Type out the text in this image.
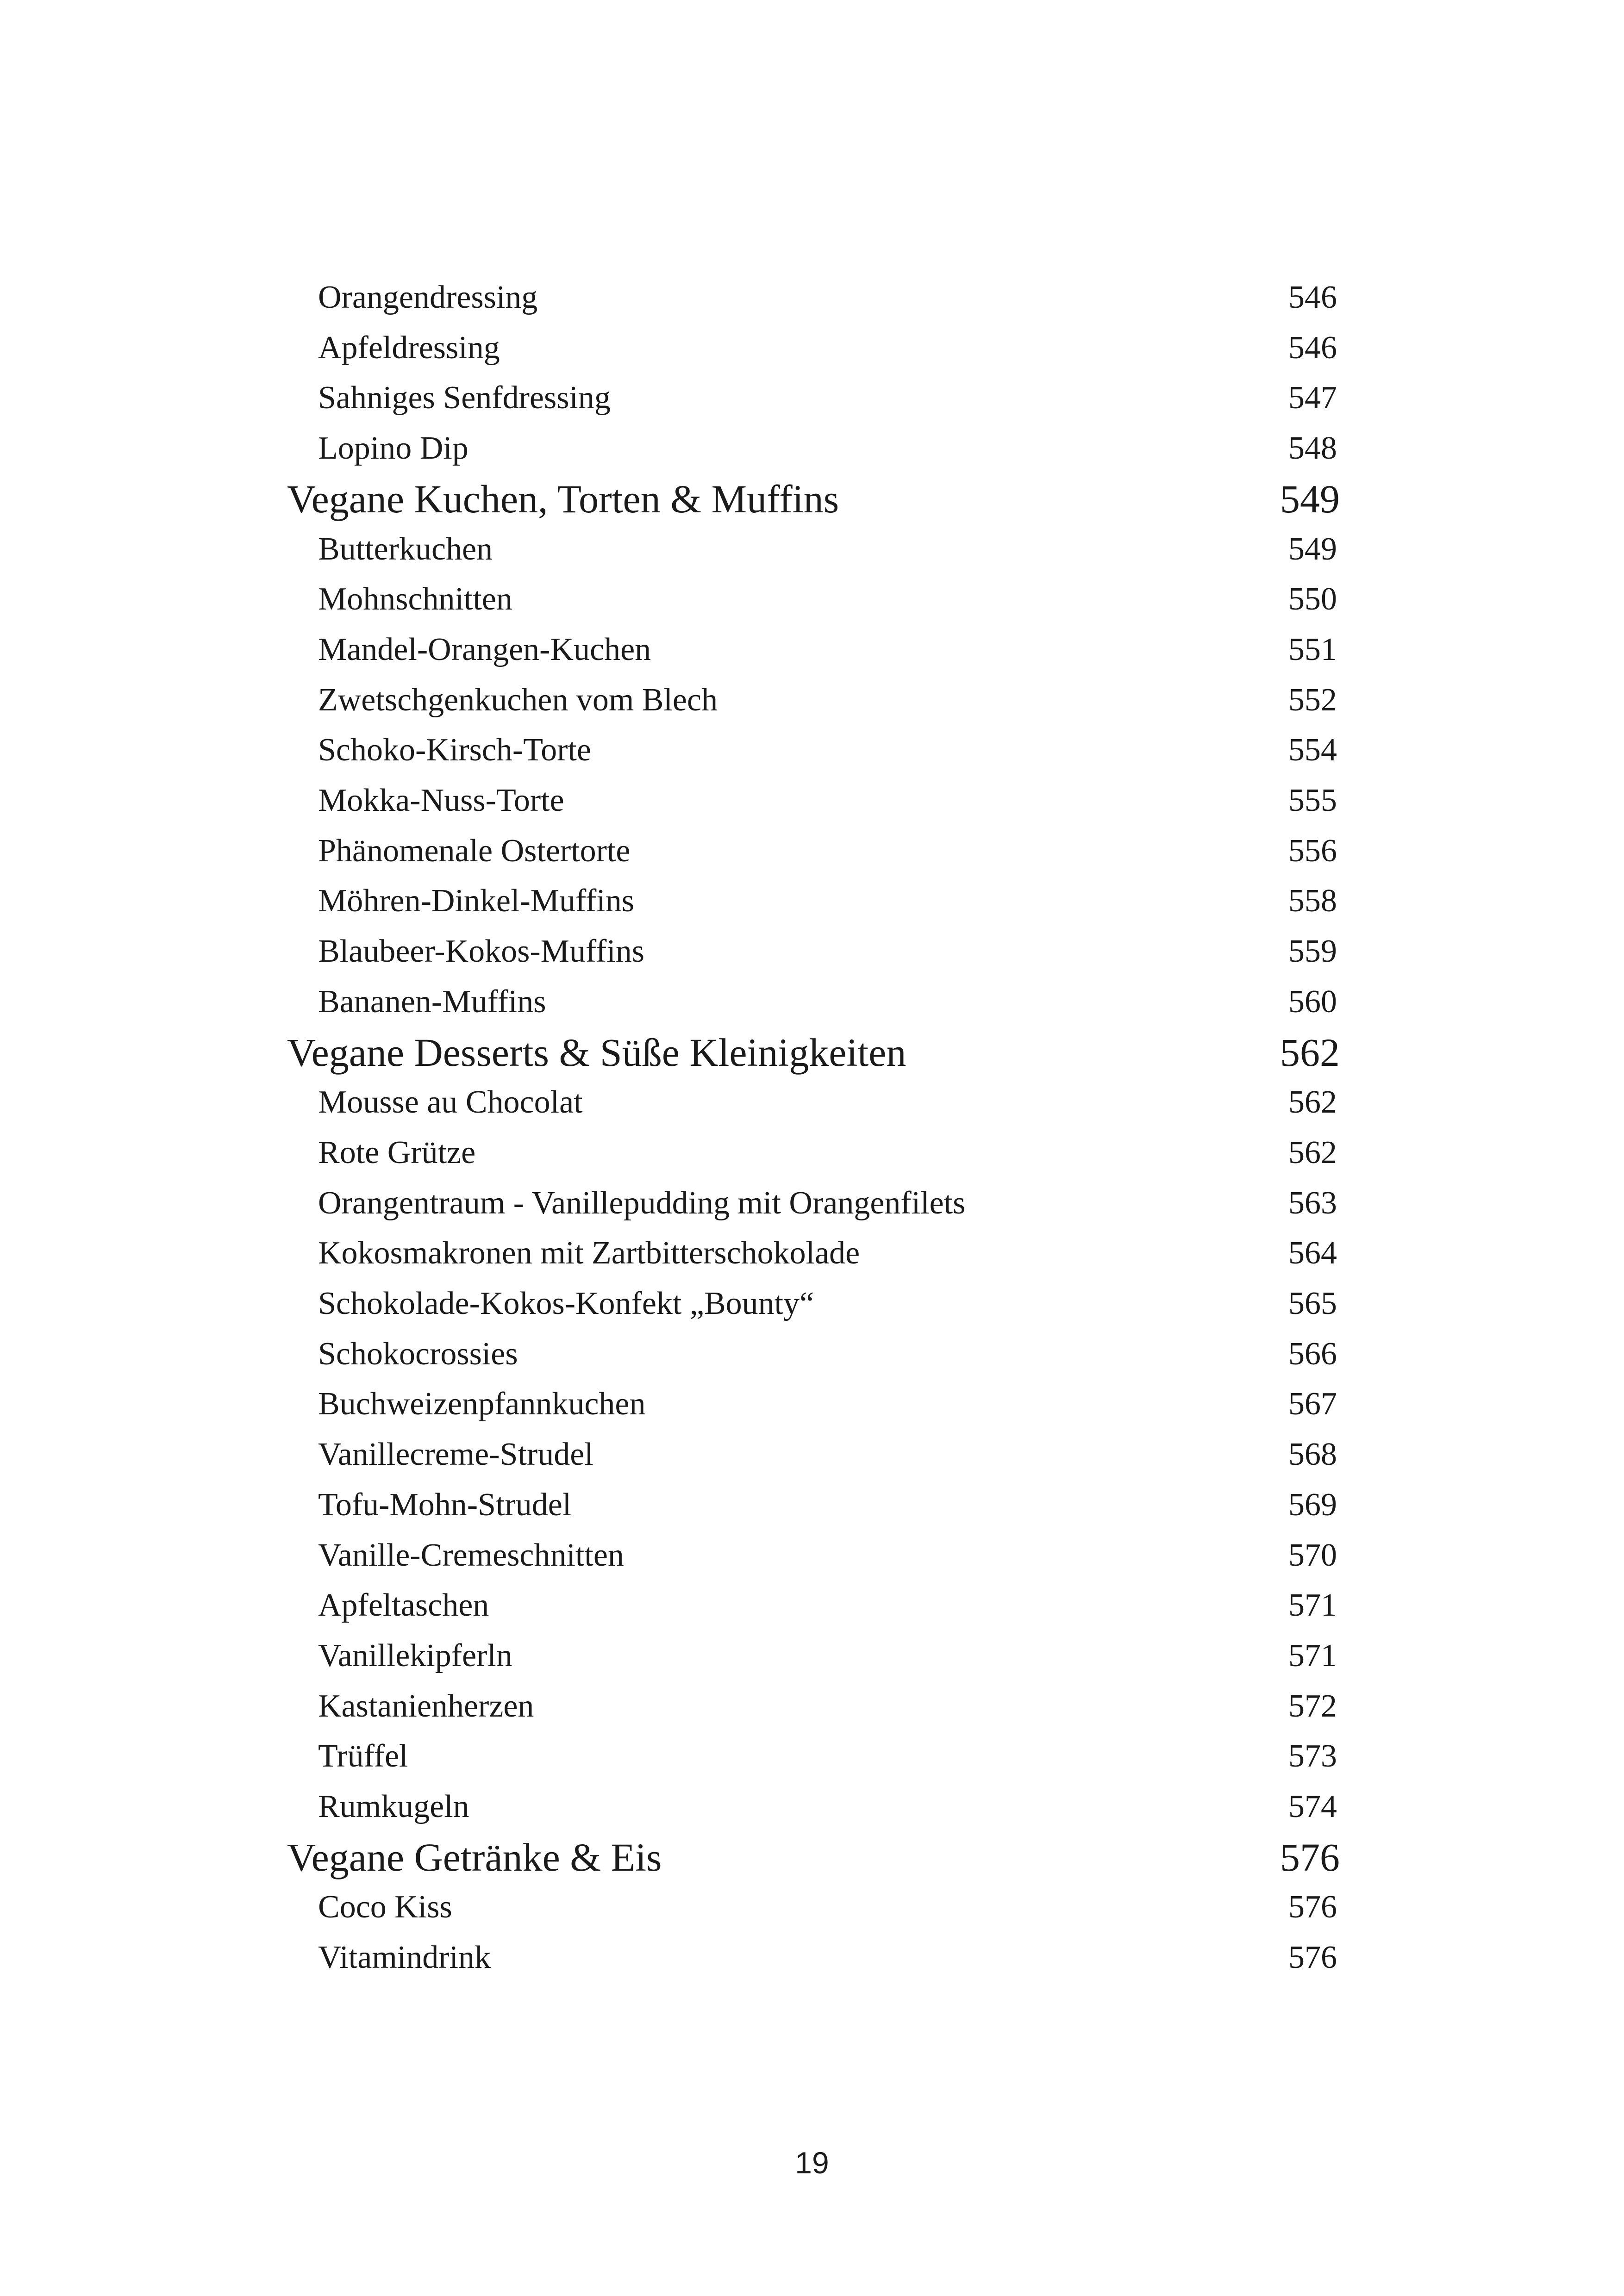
Orangendressing	546
Apfeldressing	546
Sahniges Senfdressing	547
Lopino Dip	548
Vegane Kuchen, Torten & Muffins	549
Butterkuchen	549
Mohnschnitten	550
Mandel-Orangen-Kuchen	551
Zwetschgenkuchen vom Blech	552
Schoko-Kirsch-Torte	554
Mokka-Nuss-Torte	555
Phänomenale Ostertorte	556
Möhren-Dinkel-Muffins	558
Blaubeer-Kokos-Muffins	559
Bananen-Muffins	560
Vegane Desserts & Süße Kleinigkeiten	562
Mousse au Chocolat	562
Rote Grütze	562
Orangentraum - Vanillepudding mit Orangenfilets	563
Kokosmakronen mit Zartbitterschokolade	564
Schokolade-Kokos-Konfekt „Bounty“	565
Schokocrossies	566
Buchweizenpfannkuchen	567
Vanillecreme-Strudel	568
Tofu-Mohn-Strudel	569
Vanille-Cremeschnitten	570
Apfeltaschen	571
Vanillekipferln	571
Kastanienherzen	572
Trüffel	573
Rumkugeln	574
Vegane Getränke & Eis	576
Coco Kiss	576
Vitamindrink	576
19
